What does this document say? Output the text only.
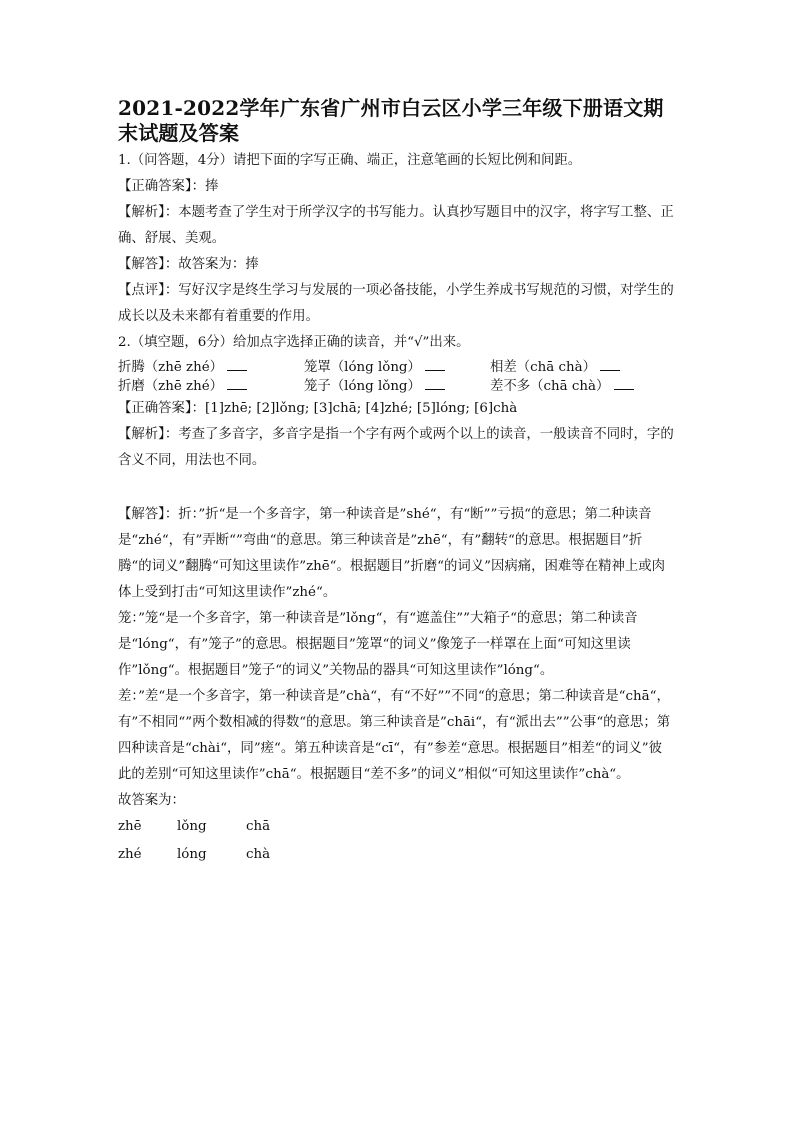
2021-2022学年广东省广州市白云区小学三年级下册语文期末试题及答案

1.（问答题，4分）请把下面的字写正确、端正，注意笔画的长短比例和间距。

【正确答案】：捧

【解析】：本题考查了学生对于所学汉字的书写能力。认真抄写题目中的汉字，将字写工整、正确、舒展、美观。

【解答】：故答案为：捧

【点评】：写好汉字是终生学习与发展的一项必备技能，小学生养成书写规范的习惯，对学生的成长以及未来都有着重要的作用。

2.（填空题，6分）给加点字选择正确的读音，并“√”出来。

折腾（zhē zhé）	笼罩（lóng lǒng）	相差（chā chà）
折磨（zhē zhé）	笼子（lóng lǒng）	差不多（chā chà）

【正确答案】：[1]zhē; [2]lǒng; [3]chā; [4]zhé; [5]lóng; [6]chà

【解析】：考查了多音字，多音字是指一个字有两个或两个以上的读音，一般读音不同时，字的含义不同，用法也不同。

【解答】：折：”折“是一个多音字，第一种读音是”shé“，有“断””亏损“的意思；第二种读音是“zhé“，有”弄断“”弯曲“的意思。第三种读音是”zhē“，有”翻转“的意思。根据题目”折腾“的词义”翻腾“可知这里读作”zhē“。根据题目”折磨“的词义”因病痛，困难等在精神上或肉体上受到打击“可知这里读作”zhé“。

笼：”笼“是一个多音字，第一种读音是”lǒng“，有“遮盖住””大箱子“的意思；第二种读音是“lóng“，有”笼子”的意思。根据题目”笼罩“的词义”像笼子一样罩在上面“可知这里读作”lǒng“。根据题目”笼子“的词义”关物品的器具“可知这里读作”lóng“。

差：”差“是一个多音字，第一种读音是”chà“，有“不好””不同“的意思；第二种读音是“chā“，有”不相同“”两个数相减的得数“的意思。第三种读音是”chāi“，有“派出去””公事“的意思；第四种读音是“chài“，同”瘥“。第五种读音是“cī“，有”参差“意思。根据题目”相差“的词义”彼此的差别“可知这里读作”chā“。根据题目“差不多”的词义”相似“可知这里读作”chà“。

故答案为：

zhē	lǒng	chā
zhé	lóng	chà
